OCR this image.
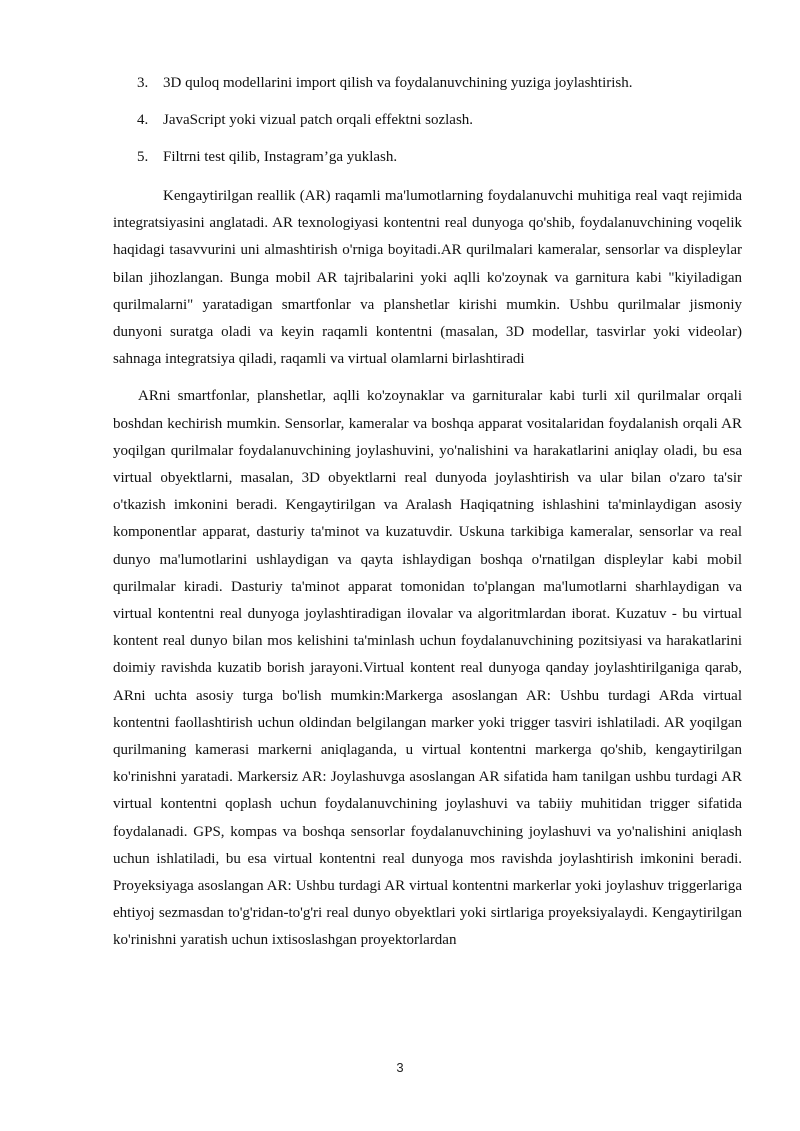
3. 3D quloq modellarini import qilish va foydalanuvchining yuziga joylashtirish.
4. JavaScript yoki vizual patch orqali effektni sozlash.
5. Filtrni test qilib, Instagram’ga yuklash.

Kengaytirilgan reallik (AR) raqamli ma'lumotlarning foydalanuvchi muhitiga real vaqt rejimida integratsiyasini anglatadi. AR texnologiyasi kontentni real dunyoga qo'shib, foydalanuvchining voqelik haqidagi tasavvurini uni almashtirish o'rniga boyitadi.AR qurilmalari kameralar, sensorlar va displeylar bilan jihozlangan. Bunga mobil AR tajribalarini yoki aqlli ko'zoynak va garnitura kabi "kiyiladigan qurilmalarni" yaratadigan smartfonlar va planshetlar kirishi mumkin. Ushbu qurilmalar jismoniy dunyoni suratga oladi va keyin raqamli kontentni (masalan, 3D modellar, tasvirlar yoki videolar) sahnaga integratsiya qiladi, raqamli va virtual olamlarni birlashtiradi

ARni smartfonlar, planshetlar, aqlli ko'zoynaklar va garnituralar kabi turli xil qurilmalar orqali boshdan kechirish mumkin. Sensorlar, kameralar va boshqa apparat vositalaridan foydalanish orqali AR yoqilgan qurilmalar foydalanuvchining joylashuvini, yo'nalishini va harakatlarini aniqlay oladi, bu esa virtual obyektlarni, masalan, 3D obyektlarni real dunyoda joylashtirish va ular bilan o'zaro ta'sir o'tkazish imkonini beradi. Kengaytirilgan va Aralash Haqiqatning ishlashini ta'minlaydigan asosiy komponentlar apparat, dasturiy ta'minot va kuzatuvdir. Uskuna tarkibiga kameralar, sensorlar va real dunyo ma'lumotlarini ushlaydigan va qayta ishlaydigan boshqa o'rnatilgan displeylar kabi mobil qurilmalar kiradi. Dasturiy ta'minot apparat tomonidan to'plangan ma'lumotlarni sharhlaydigan va virtual kontentni real dunyoga joylashtiradigan ilovalar va algoritmlardan iborat. Kuzatuv - bu virtual kontent real dunyo bilan mos kelishini ta'minlash uchun foydalanuvchining pozitsiyasi va harakatlarini doimiy ravishda kuzatib borish jarayoni.Virtual kontent real dunyoga qanday joylashtirilganiga qarab, ARni uchta asosiy turga bo'lish mumkin:Markerga asoslangan AR: Ushbu turdagi ARda virtual kontentni faollashtirish uchun oldindan belgilangan marker yoki trigger tasviri ishlatiladi. AR yoqilgan qurilmaning kamerasi markerni aniqlaganda, u virtual kontentni markerga qo'shib, kengaytirilgan ko'rinishni yaratadi. Markersiz AR: Joylashuvga asoslangan AR sifatida ham tanilgan ushbu turdagi AR virtual kontentni qoplash uchun foydalanuvchining joylashuvi va tabiiy muhitidan trigger sifatida foydalanadi. GPS, kompas va boshqa sensorlar foydalanuvchining joylashuvi va yo'nalishini aniqlash uchun ishlatiladi, bu esa virtual kontentni real dunyoga mos ravishda joylashtirish imkonini beradi. Proyeksiyaga asoslangan AR: Ushbu turdagi AR virtual kontentni markerlar yoki joylashuv triggerlariga ehtiyoj sezmasdan to'g'ridan-to'g'ri real dunyo obyektlari yoki sirtlariga proyeksiyalaydi. Kengaytirilgan ko'rinishni yaratish uchun ixtisoslashgan proyektorlardan

3
